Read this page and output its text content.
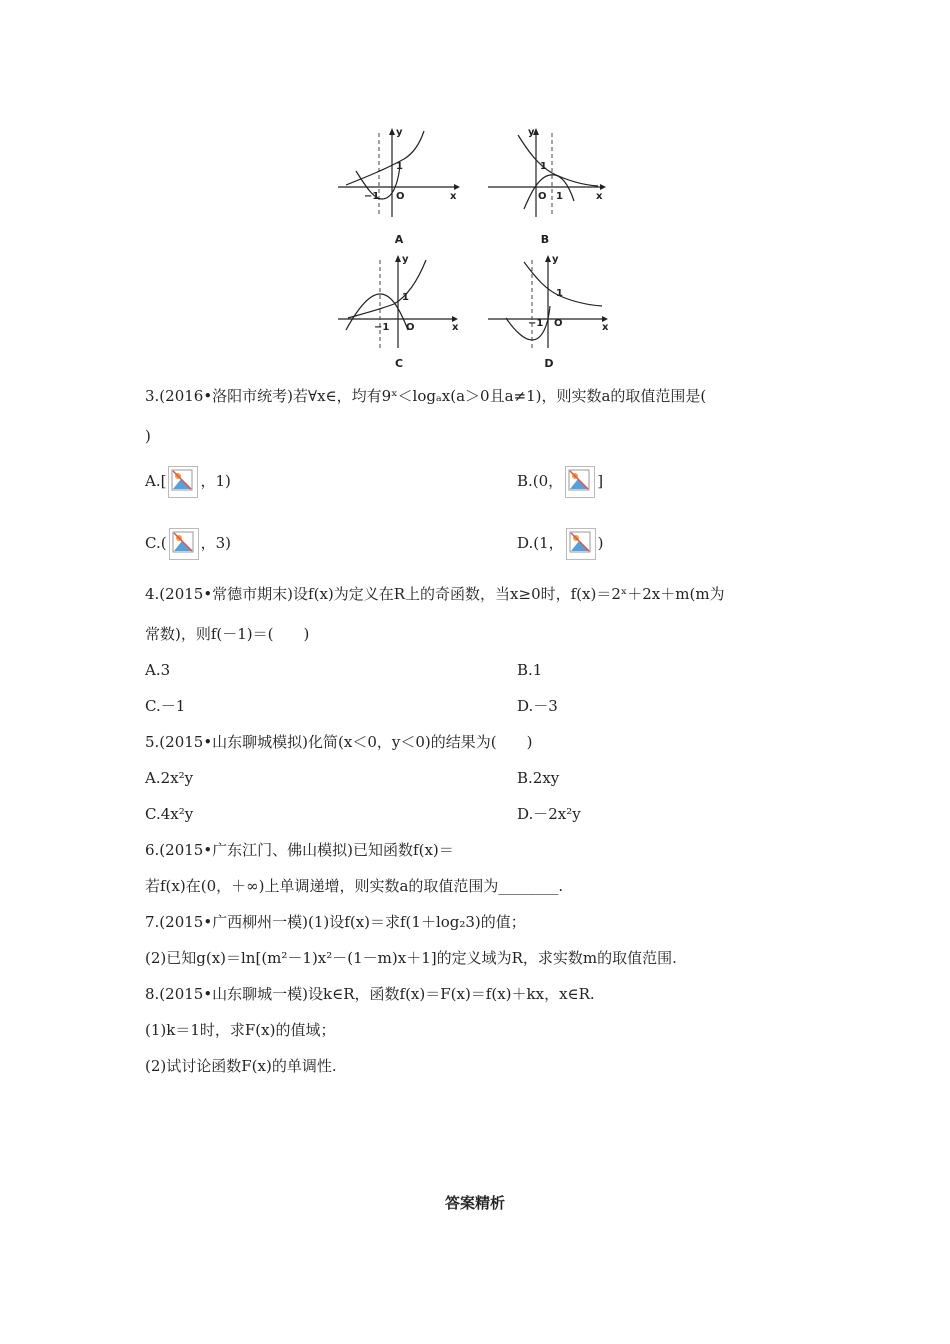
y
x
1
−1 O
A
y
x
1
1
O
B
y
x
1
−1 O
C
y
x
1
−1 O
D
3.(2016•洛阳市统考)若∀x∈，均有9ˣ＜logₐx(a＞0且a≠1)，则实数a的取值范围是(
)
A.[ ，1)	B.(0， ]
C.( ，3)	D.(1， )
4.(2015•常德市期末)设f(x)为定义在R上的奇函数，当x≥0时，f(x)＝2ˣ＋2x＋m(m为
常数)，则f(－1)＝(　　)
A.3	B.1
C.－1	D.－3
5.(2015•山东聊城模拟)化简(x＜0，y＜0)的结果为(　　)
A.2x²y	B.2xy
C.4x²y	D.－2x²y
6.(2015•广东江门、佛山模拟)已知函数f(x)＝
若f(x)在(0，＋∞)上单调递增，则实数a的取值范围为________.
7.(2015•广西柳州一模)(1)设f(x)＝求f(1＋log₂3)的值；
(2)已知g(x)＝ln[(m²－1)x²－(1－m)x＋1]的定义域为R，求实数m的取值范围.
8.(2015•山东聊城一模)设k∈R，函数f(x)＝F(x)＝f(x)＋kx，x∈R.
(1)k＝1时，求F(x)的值域；
(2)试讨论函数F(x)的单调性.
答案精析
